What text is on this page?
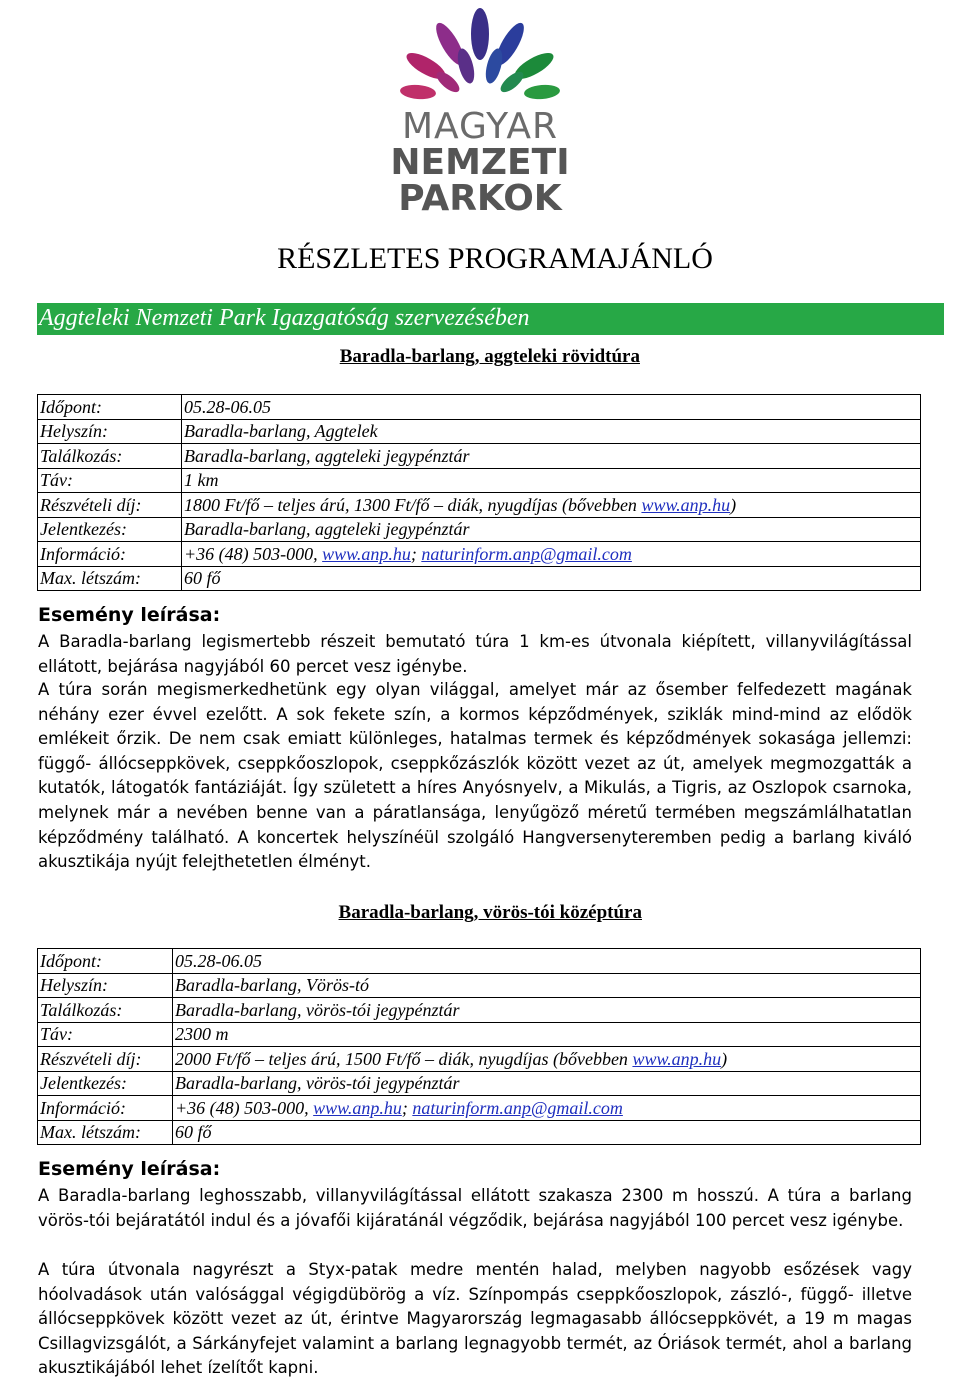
MAGYAR
NEMZETI
PARKOK
RÉSZLETES PROGRAMAJÁNLÓ
Aggteleki Nemzeti Park Igazgatóság szervezésében
Baradla-barlang, aggteleki rövidtúra
Időpont:	05.28-06.05
Helyszín:	Baradla-barlang, Aggtelek
Találkozás:	Baradla-barlang, aggteleki jegypénztár
Táv:	1 km
Részvételi díj:	1800 Ft/fő – teljes árú, 1300 Ft/fő – diák, nyugdíjas (bővebben www.anp.hu)
Jelentkezés:	Baradla-barlang, aggteleki jegypénztár
Információ:	+36 (48) 503-000, www.anp.hu; naturinform.anp@gmail.com
Max. létszám:	60 fő
Esemény leírása:
A Baradla-barlang legismertebb részeit bemutató túra 1 km-es útvonala kiépített, villanyvilágítással ellátott, bejárása nagyjából 60 percet vesz igénybe.
A túra során megismerkedhetünk egy olyan világgal, amelyet már az ősember felfedezett magának néhány ezer évvel ezelőtt. A sok fekete szín, a kormos képződmények, sziklák mind-mind az elődök emlékeit őrzik. De nem csak emiatt különleges, hatalmas termek és képződmények sokasága jellemzi: függő- állócseppkövek, cseppkőoszlopok, cseppkőzászlók között vezet az út, amelyek megmozgatták a kutatók, látogatók fantáziáját. Így született a híres Anyósnyelv, a Mikulás, a Tigris, az Oszlopok csarnoka, melynek már a nevében benne van a páratlansága, lenyűgöző méretű termében megszámlálhatatlan képződmény található. A koncertek helyszínéül szolgáló Hangversenyteremben pedig a barlang kiváló akusztikája nyújt felejthetetlen élményt.
Baradla-barlang, vörös-tói középtúra
Időpont:	05.28-06.05
Helyszín:	Baradla-barlang, Vörös-tó
Találkozás:	Baradla-barlang, vörös-tói jegypénztár
Táv:	2300 m
Részvételi díj:	2000 Ft/fő – teljes árú, 1500 Ft/fő – diák, nyugdíjas (bővebben www.anp.hu)
Jelentkezés:	Baradla-barlang, vörös-tói jegypénztár
Információ:	+36 (48) 503-000, www.anp.hu; naturinform.anp@gmail.com
Max. létszám:	60 fő
Esemény leírása:
A Baradla-barlang leghosszabb, villanyvilágítással ellátott szakasza 2300 m hosszú. A túra a barlang vörös-tói bejáratától indul és a jóvafői kijáratánál végződik, bejárása nagyjából 100 percet vesz igénybe.
A túra útvonala nagyrészt a Styx-patak medre mentén halad, melyben nagyobb esőzések vagy hóolvadások után valósággal végigdübörög a víz. Színpompás cseppkőoszlopok, zászló-, függő- illetve állócseppkövek között vezet az út, érintve Magyarország legmagasabb állócseppkövét, a 19 m magas Csillagvizsgálót, a Sárkányfejet valamint a barlang legnagyobb termét, az Óriások termét, ahol a barlang akusztikájából lehet ízelítőt kapni.
